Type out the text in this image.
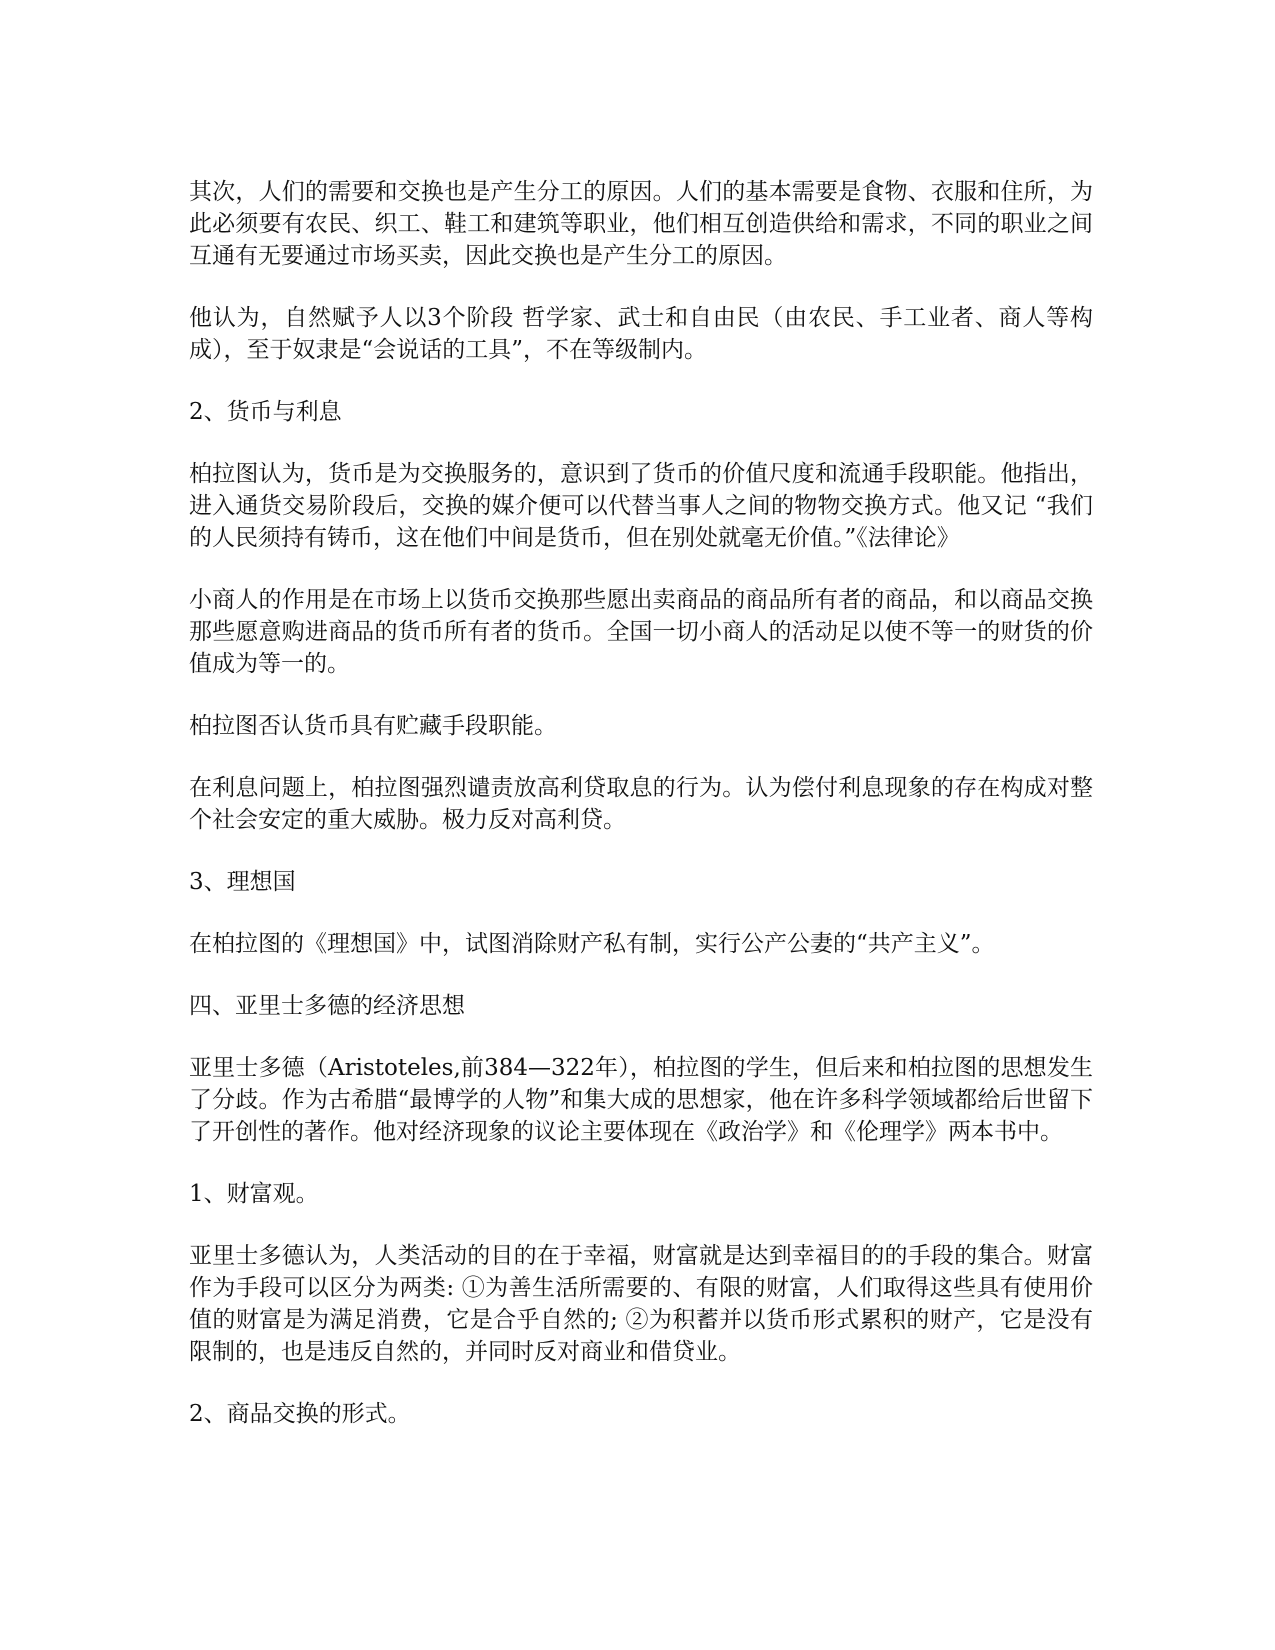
其次，人们的需要和交换也是产生分工的原因。人们的基本需要是食物、衣服和住所，为此必须要有农民、织工、鞋工和建筑等职业，他们相互创造供给和需求，不同的职业之间互通有无要通过市场买卖，因此交换也是产生分工的原因。

他认为，自然赋予人以3个阶段 哲学家、武士和自由民（由农民、手工业者、商人等构成），至于奴隶是“会说话的工具”，不在等级制内。

2、货币与利息

柏拉图认为，货币是为交换服务的，意识到了货币的价值尺度和流通手段职能。他指出，进入通货交易阶段后，交换的媒介便可以代替当事人之间的物物交换方式。他又记 “我们的人民须持有铸币，这在他们中间是货币，但在别处就毫无价值。”《法律论》

小商人的作用是在市场上以货币交换那些愿出卖商品的商品所有者的商品，和以商品交换那些愿意购进商品的货币所有者的货币。全国一切小商人的活动足以使不等一的财货的价值成为等一的。

柏拉图否认货币具有贮藏手段职能。

在利息问题上，柏拉图强烈谴责放高利贷取息的行为。认为偿付利息现象的存在构成对整个社会安定的重大威胁。极力反对高利贷。

3、理想国

在柏拉图的《理想国》中，试图消除财产私有制，实行公产公妻的“共产主义”。

四、亚里士多德的经济思想

亚里士多德（Aristoteles,前384—322年），柏拉图的学生，但后来和柏拉图的思想发生了分歧。作为古希腊“最博学的人物”和集大成的思想家，他在许多科学领域都给后世留下了开创性的著作。他对经济现象的议论主要体现在《政治学》和《伦理学》两本书中。

1、财富观。

亚里士多德认为，人类活动的目的在于幸福，财富就是达到幸福目的的手段的集合。财富作为手段可以区分为两类: ①为善生活所需要的、有限的财富，人们取得这些具有使用价值的财富是为满足消费，它是合乎自然的; ②为积蓄并以货币形式累积的财产，它是没有限制的，也是违反自然的，并同时反对商业和借贷业。

2、商品交换的形式。
